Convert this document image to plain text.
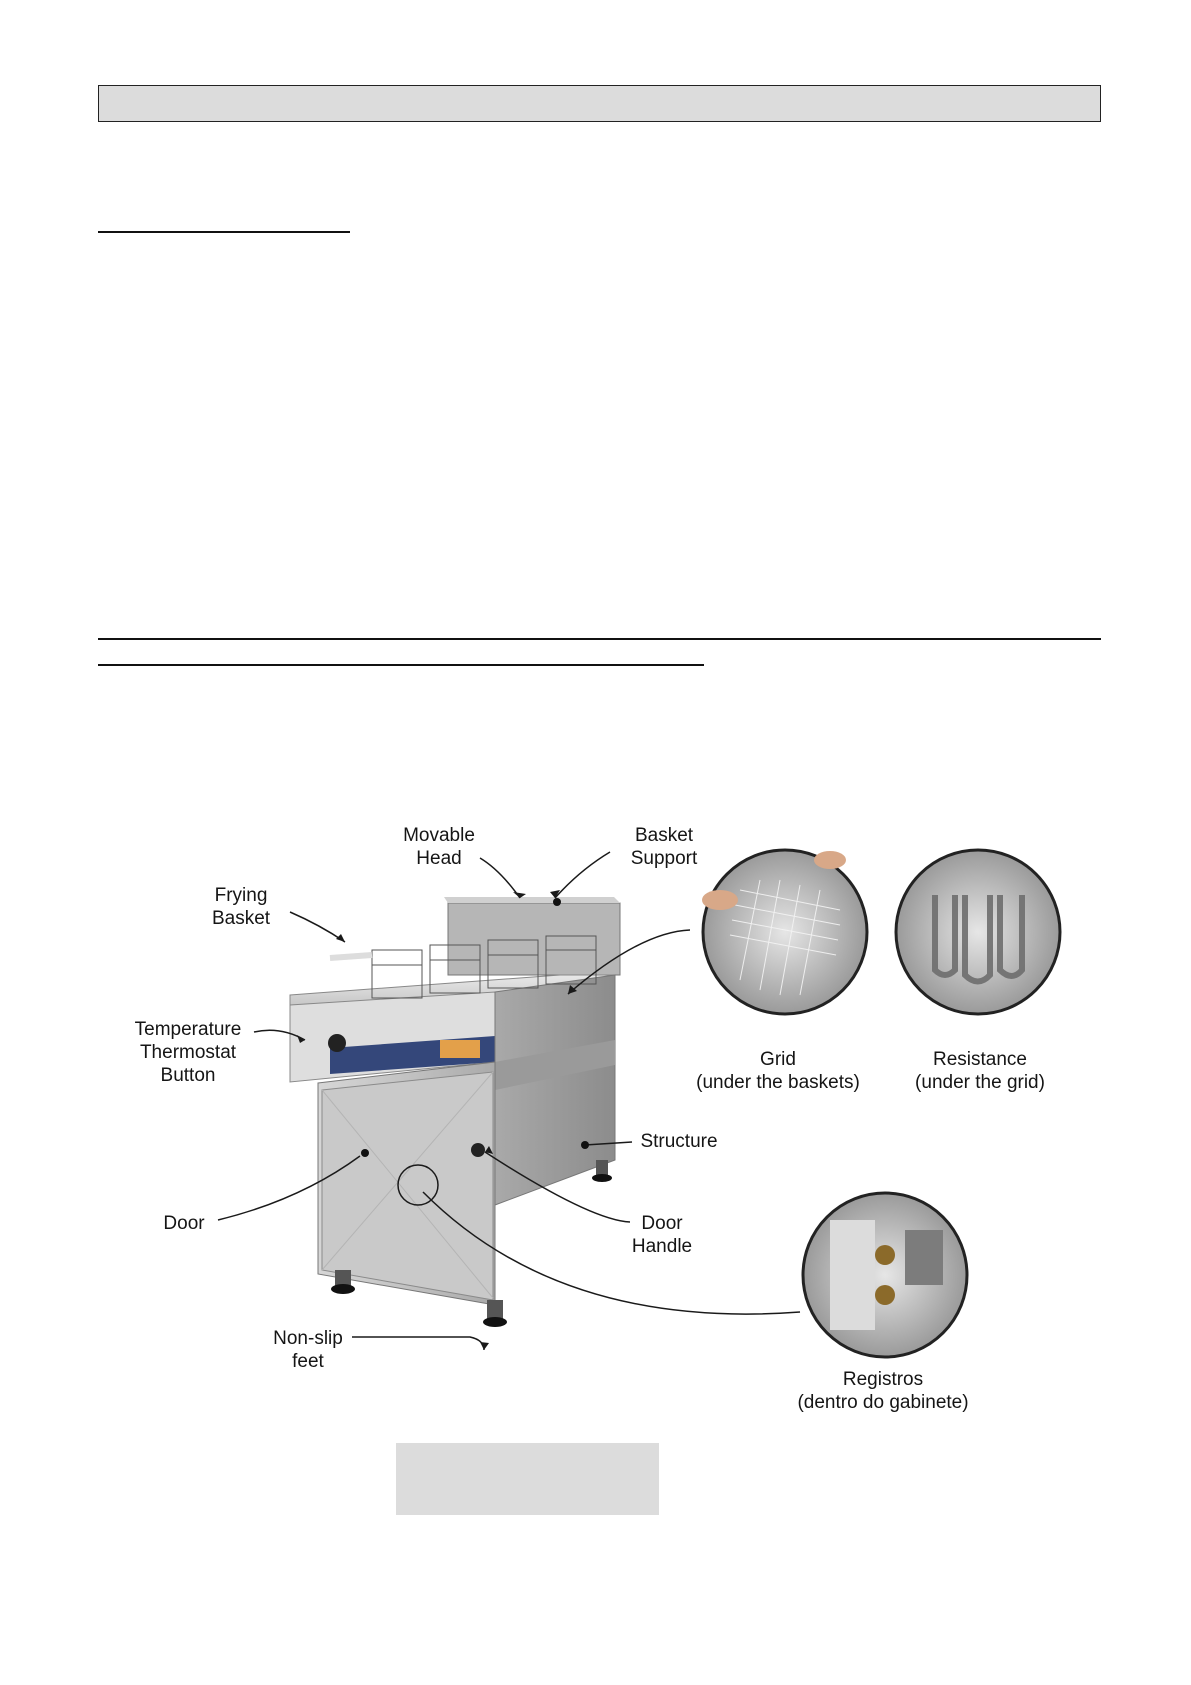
Movable
Head
Basket
Support
Frying
Basket
Temperature
Thermostat
Button
Door
Structure
Door
Handle
Non-slip
feet
Grid
(under the baskets)
Resistance
(under the grid)
Registros
(dentro do gabinete)
